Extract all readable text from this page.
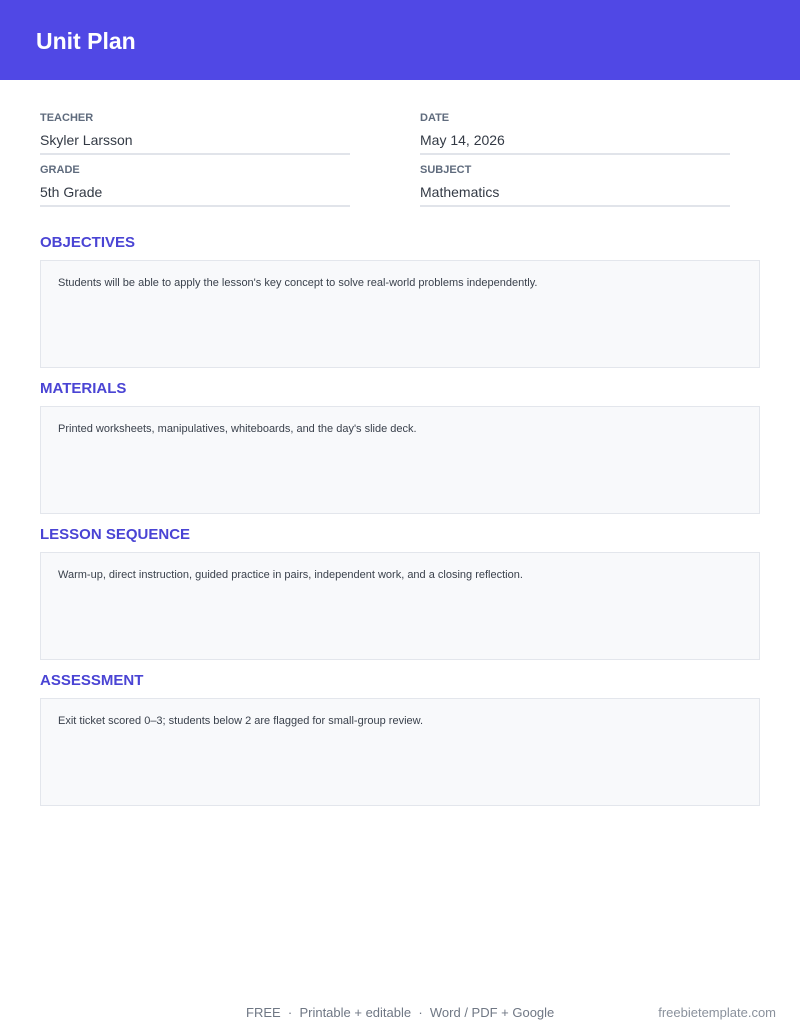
Unit Plan
TEACHER
Skyler Larsson
DATE
May 14, 2026
GRADE
5th Grade
SUBJECT
Mathematics
OBJECTIVES
Students will be able to apply the lesson's key concept to solve real-world problems independently.
MATERIALS
Printed worksheets, manipulatives, whiteboards, and the day's slide deck.
LESSON SEQUENCE
Warm-up, direct instruction, guided practice in pairs, independent work, and a closing reflection.
ASSESSMENT
Exit ticket scored 0–3; students below 2 are flagged for small-group review.
FREE  ·  Printable + editable  ·  Word / PDF + Google	freebietemplate.com
